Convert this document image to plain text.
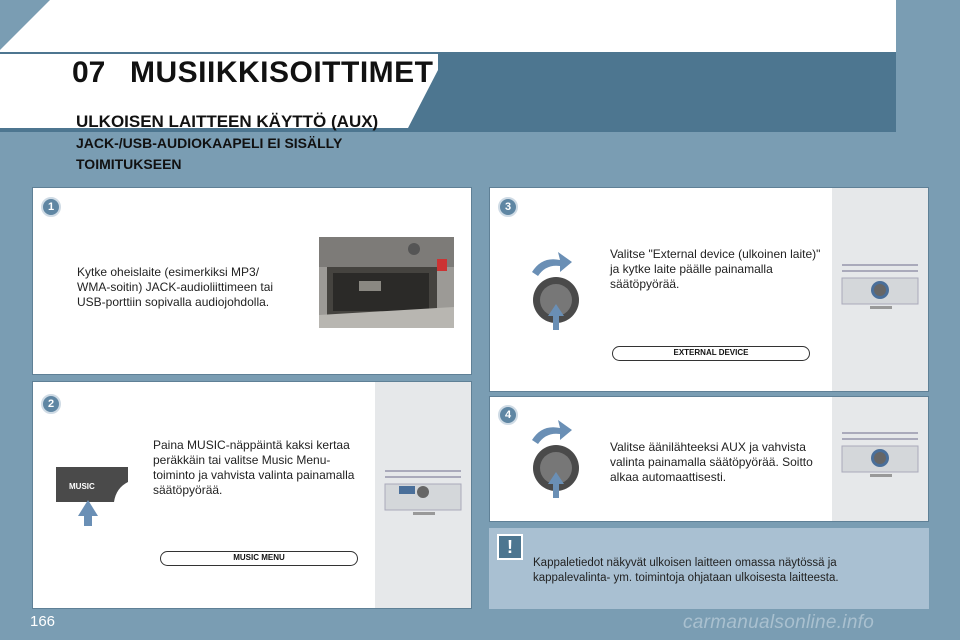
07 MUSIIKKISOITTIMET
ULKOISEN LAITTEEN KÄYTTÖ (AUX)
JACK-/USB-AUDIOKAAPELI EI SISÄLLY TOIMITUKSEEN
1
Kytke oheislaite (esimerkiksi MP3/ WMA-soitin) JACK-audioliittimeen tai USB-porttiin sopivalla audiojohdolla.
2
Paina MUSIC-näppäintä kaksi kertaa peräkkäin tai valitse Music Menu-toiminto ja vahvista valinta painamalla säätöpyörää.
MUSIC
MUSIC MENU
3
Valitse "External device (ulkoinen laite)" ja kytke laite päälle painamalla säätöpyörää.
EXTERNAL DEVICE
4
Valitse äänilähteeksi AUX ja vahvista valinta painamalla säätöpyörää. Soitto alkaa automaattisesti.
!
Kappaletiedot näkyvät ulkoisen laitteen omassa näytössä ja kappalevalinta- ym. toimintoja ohjataan ulkoisesta laitteesta.
166	carmanualsonline.info
